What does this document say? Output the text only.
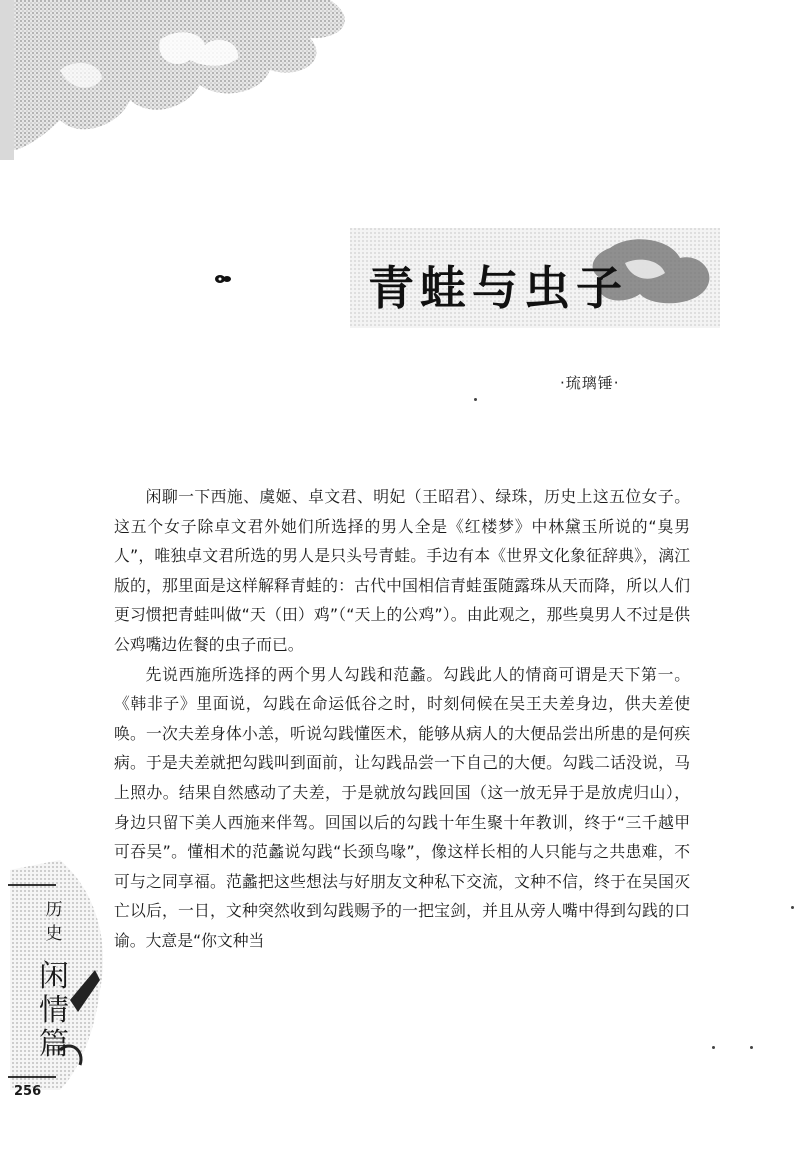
青蛙与虫子
·琉璃锤·

闲聊一下西施、虞姬、卓文君、明妃（王昭君）、绿珠，历史上这五位女子。这五个女子除卓文君外她们所选择的男人全是《红楼梦》中林黛玉所说的“臭男人”，唯独卓文君所选的男人是只头号青蛙。手边有本《世界文化象征辞典》，漓江版的，那里面是这样解释青蛙的：古代中国相信青蛙蛋随露珠从天而降，所以人们更习惯把青蛙叫做“天（田）鸡”（“天上的公鸡”）。由此观之，那些臭男人不过是供公鸡嘴边佐餐的虫子而已。

先说西施所选择的两个男人勾践和范蠡。勾践此人的情商可谓是天下第一。《韩非子》里面说，勾践在命运低谷之时，时刻伺候在吴王夫差身边，供夫差使唤。一次夫差身体小恙，听说勾践懂医术，能够从病人的大便品尝出所患的是何疾病。于是夫差就把勾践叫到面前，让勾践品尝一下自己的大便。勾践二话没说，马上照办。结果自然感动了夫差，于是就放勾践回国（这一放无异于是放虎归山），身边只留下美人西施来伴驾。回国以后的勾践十年生聚十年教训，终于“三千越甲可吞吴”。懂相术的范蠡说勾践“长颈鸟喙”，像这样长相的人只能与之共患难，不可与之同享福。范蠡把这些想法与好朋友文种私下交流，文种不信，终于在吴国灭亡以后，一日，文种突然收到勾践赐予的一把宝剑，并且从旁人嘴中得到勾践的口谕。大意是“你文种当

历
史
闲
情
篇
256
